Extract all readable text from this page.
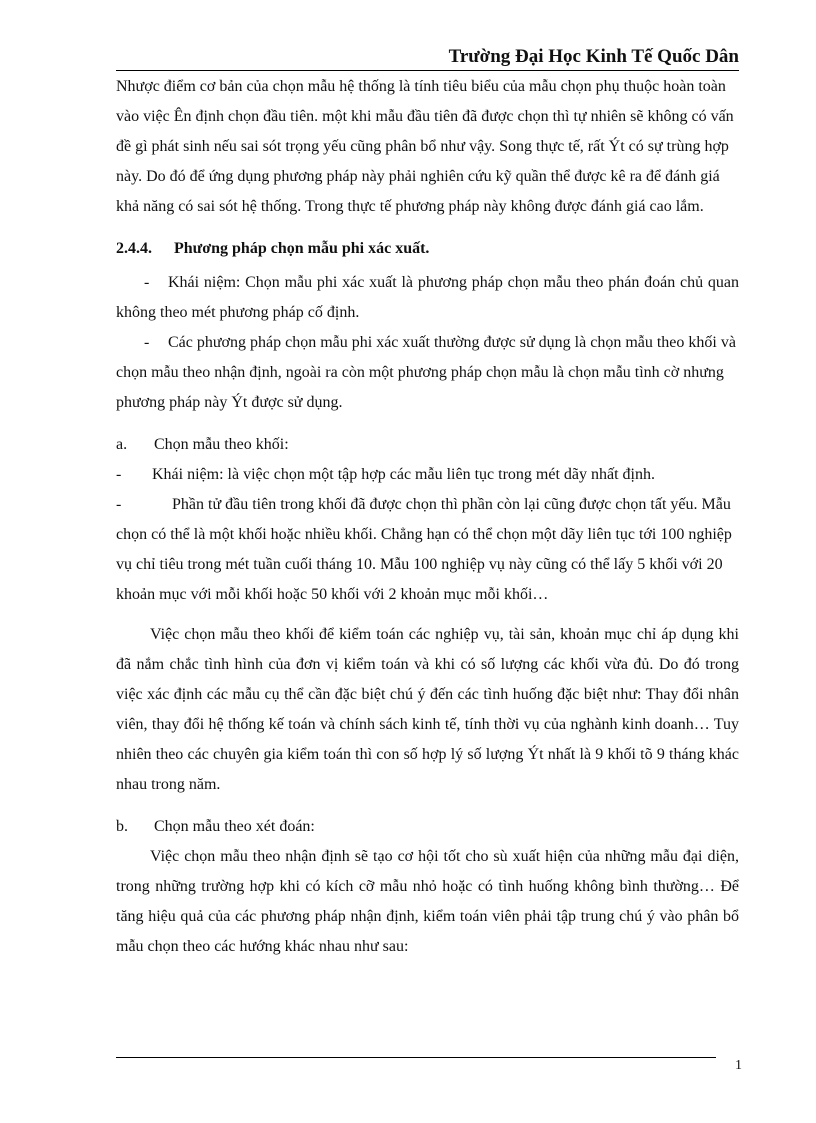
Trường Đại Học Kinh Tế Quốc Dân

Nhược điểm cơ bản của chọn mẫu hệ thống là tính tiêu biểu của mẫu chọn phụ thuộc hoàn toàn vào việc Ên định chọn đầu tiên. một khi mẫu đầu tiên đã được chọn thì tự nhiên sẽ không có vấn đề gì phát sinh nếu sai sót trọng yếu cũng phân bổ như vậy. Song thực tế, rất Ýt có sự trùng hợp này. Do đó để ứng dụng phương pháp này phải nghiên cứu kỹ quần thể được kê ra để đánh giá khả năng có sai sót hệ thống. Trong thực tế phương pháp này không được đánh giá cao lắm.

2.4.4. Phương pháp chọn mẫu phi xác xuất.

- Khái niệm: Chọn mẫu phi xác xuất là phương pháp chọn mẫu theo phán đoán chủ quan không theo mét phương pháp cố định.

- Các phương pháp chọn mẫu phi xác xuất thường được sử dụng là chọn mẫu theo khối và chọn mẫu theo nhận định, ngoài ra còn một phương pháp chọn mẫu là chọn mẫu tình cờ nhưng phương pháp này Ýt được sử dụng.

a. Chọn mẫu theo khối:

- Khái niệm: là việc chọn một tập hợp các mẫu liên tục trong mét dãy nhất định.

-	Phần tử đầu tiên trong khối đã được chọn thì phần còn lại cũng được chọn tất yếu. Mẫu chọn có thể là một khối hoặc nhiều khối. Chẳng hạn có thể chọn một dãy liên tục tới 100 nghiệp vụ chỉ tiêu trong mét tuần cuối tháng 10. Mẫu 100 nghiệp vụ này cũng có thể lấy 5 khối với 20 khoản mục với mỗi khối hoặc 50 khối với 2 khoản mục mỗi khối…

Việc chọn mẫu theo khối để kiểm toán các nghiệp vụ, tài sản, khoản mục chỉ áp dụng khi đã nắm chắc tình hình của đơn vị kiểm toán và khi có số lượng các khối vừa đủ. Do đó trong việc xác định các mẫu cụ thể cần đặc biệt chú ý đến các tình huống đặc biệt như: Thay đổi nhân viên, thay đổi hệ thống kế toán và chính sách kinh tế, tính thời vụ của nghành kinh doanh… Tuy nhiên theo các chuyên gia kiểm toán thì con số hợp lý số lượng Ýt nhất là 9 khối tõ 9 tháng khác nhau trong năm.

b. Chọn mẫu theo xét đoán:

Việc chọn mẫu theo nhận định sẽ tạo cơ hội tốt cho sù xuất hiện của những mẫu đại diện, trong những trường hợp khi có kích cỡ mẫu nhỏ hoặc có tình huống không bình thường… Để tăng hiệu quả của các phương pháp nhận định, kiểm toán viên phải tập trung chú ý vào phân bổ mẫu chọn theo các hướng khác nhau như sau:

1
